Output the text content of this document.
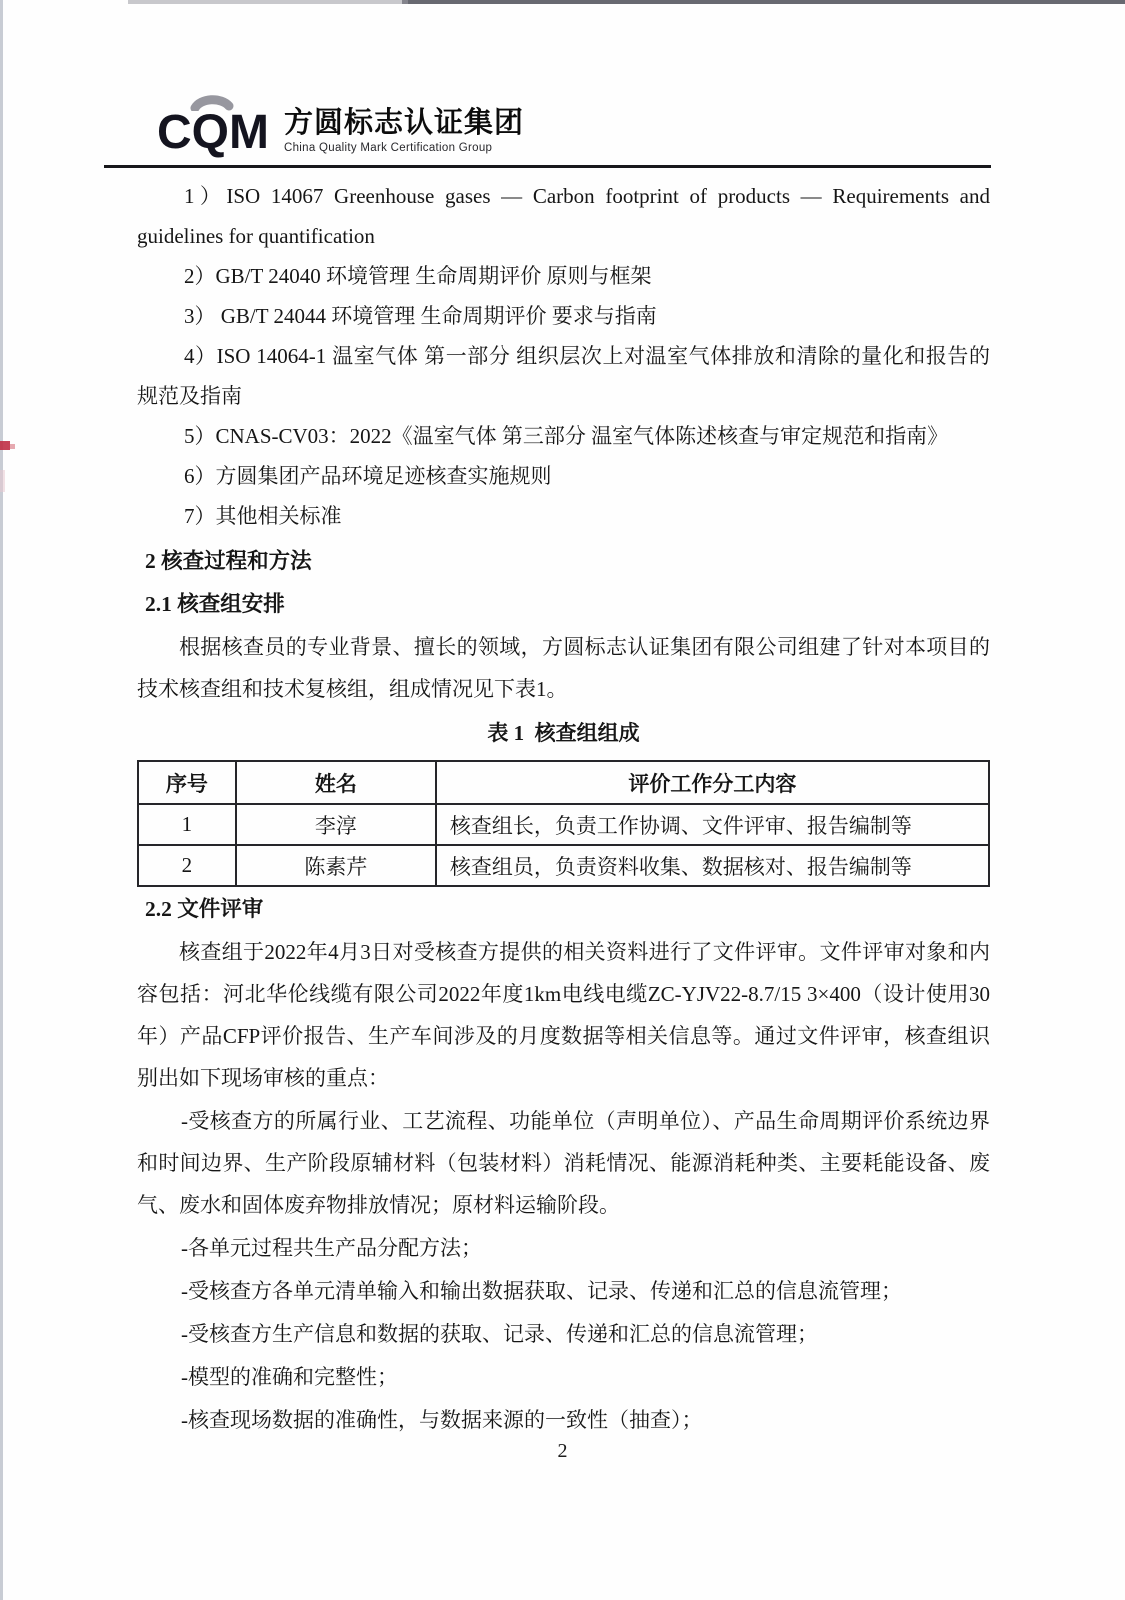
CQM 方圆标志认证集团
China Quality Mark Certification Group

1）ISO 14067 Greenhouse gases — Carbon footprint of products — Requirements and guidelines for quantification

2）GB/T 24040 环境管理 生命周期评价 原则与框架

3） GB/T 24044 环境管理 生命周期评价 要求与指南

4）ISO 14064-1 温室气体 第一部分 组织层次上对温室气体排放和清除的量化和报告的规范及指南

5）CNAS-CV03：2022《温室气体 第三部分 温室气体陈述核查与审定规范和指南》

6）方圆集团产品环境足迹核查实施规则

7）其他相关标准

2 核查过程和方法
2.1 核查组安排

根据核查员的专业背景、擅长的领域，方圆标志认证集团有限公司组建了针对本项目的技术核查组和技术复核组，组成情况见下表1。

表 1  核查组组成
序号	姓名	评价工作分工内容
1	李淳	核查组长，负责工作协调、文件评审、报告编制等
2	陈素芹	核查组员，负责资料收集、数据核对、报告编制等
2.2 文件评审

核查组于2022年4月3日对受核查方提供的相关资料进行了文件评审。文件评审对象和内容包括：河北华伦线缆有限公司2022年度1km电线电缆ZC-YJV22-8.7/15 3×400（设计使用30年）产品CFP评价报告、生产车间涉及的月度数据等相关信息等。通过文件评审，核查组识别出如下现场审核的重点：

-受核查方的所属行业、工艺流程、功能单位（声明单位）、产品生命周期评价系统边界和时间边界、生产阶段原辅材料（包装材料）消耗情况、能源消耗种类、主要耗能设备、废气、废水和固体废弃物排放情况；原材料运输阶段。

-各单元过程共生产品分配方法；

-受核查方各单元清单输入和输出数据获取、记录、传递和汇总的信息流管理；

-受核查方生产信息和数据的获取、记录、传递和汇总的信息流管理；

-模型的准确和完整性；

-核查现场数据的准确性，与数据来源的一致性（抽查）；

2
